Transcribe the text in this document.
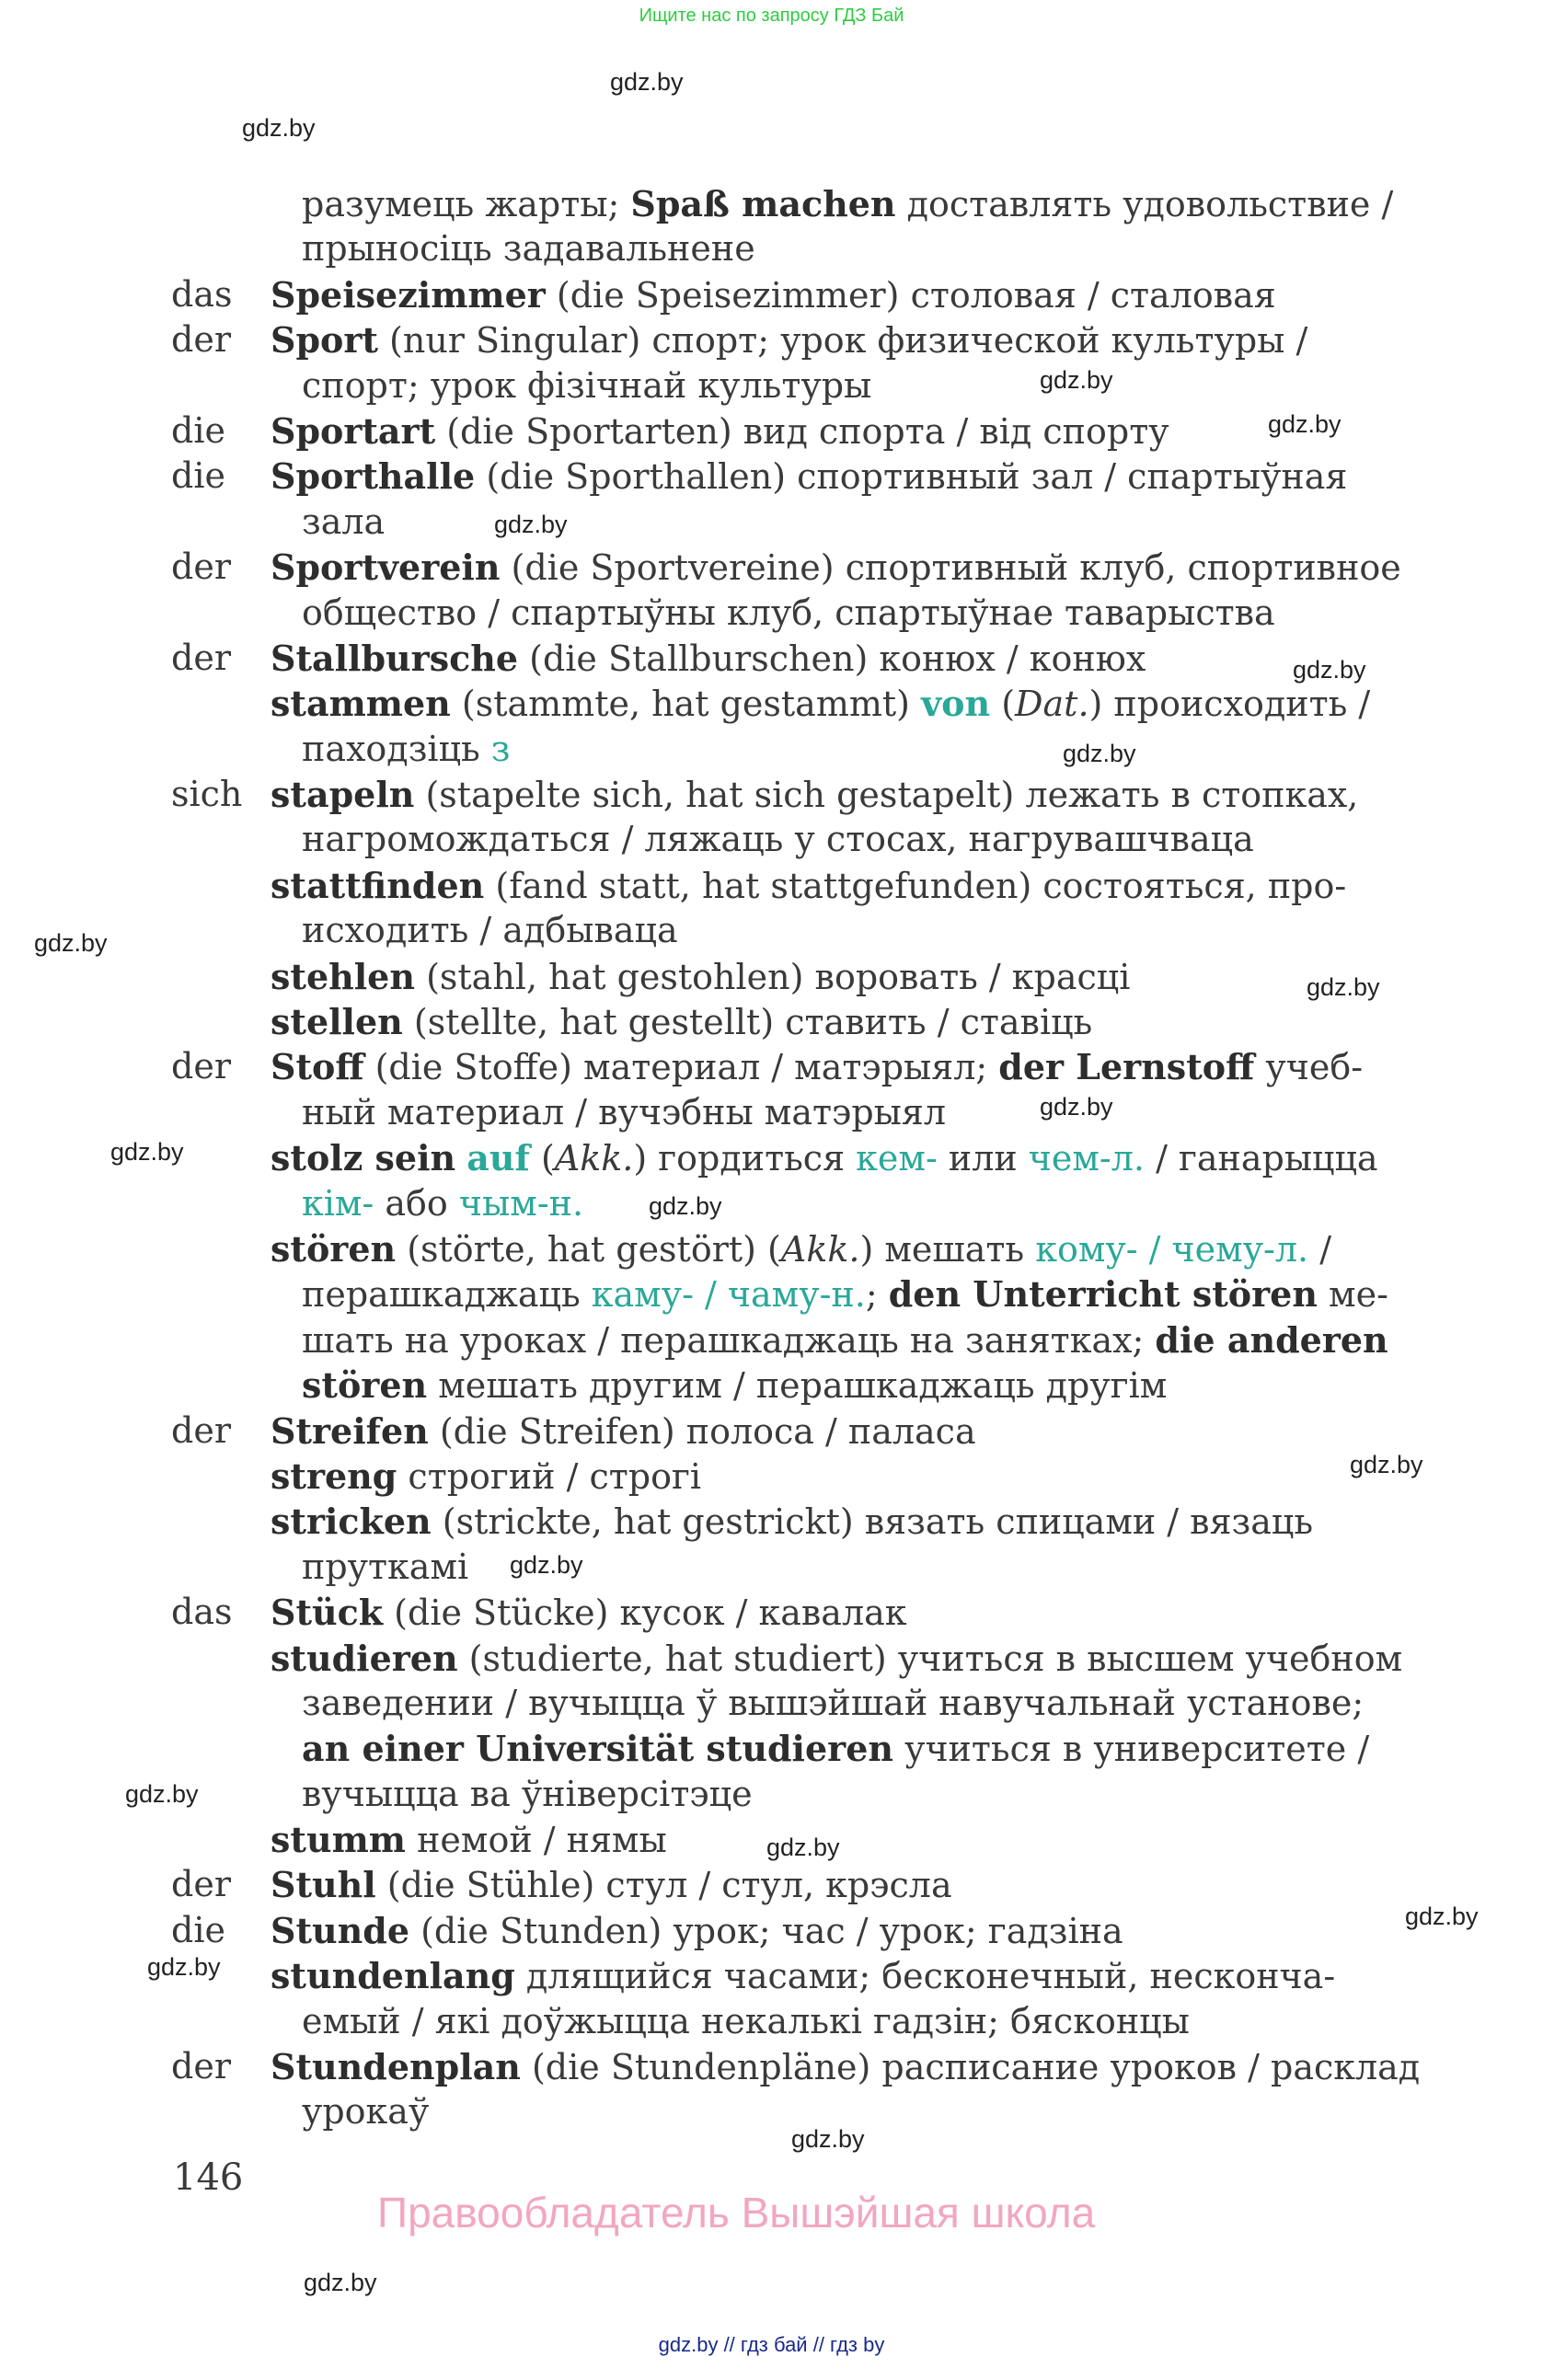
Ищите нас по запросу ГДЗ Бай
gdz.by
gdz.by
gdz.by
gdz.by
gdz.by
gdz.by
gdz.by
gdz.by
gdz.by
gdz.by
gdz.by
gdz.by
gdz.by
gdz.by
gdz.by
gdz.by
gdz.by
gdz.by
gdz.by
gdz.by
разумець жарты; Spaß machen доставлять удовольствие /
прыносіць задавальнене
das Speisezimmer (die Speisezimmer) столовая / сталовая
der Sport (nur Singular) спорт; урок физической культуры /
спорт; урок фізічнай культуры
die Sportart (die Sportarten) вид спорта / від спорту
die Sporthalle (die Sporthallen) спортивный зал / спартыўная
зала
der Sportverein (die Sportvereine) спортивный клуб, спортивное
общество / спартыўны клуб, спартыўнае таварыства
der Stallbursche (die Stallburschen) конюх / конюх
stammen (stammte, hat gestammt) von (Dat.) происходить /
паходзіць з
sich stapeln (stapelte sich, hat sich gestapelt) лежать в стопках,
нагромождаться / ляжаць у стосах, нагрувашчваца
stattfinden (fand statt, hat stattgefunden) состояться, про-
исходить / адбываца
stehlen (stahl, hat gestohlen) воровать / красці
stellen (stellte, hat gestellt) ставить / ставіць
der Stoff (die Stoffe) материал / матэрыял; der Lernstoff учеб-
ный материал / вучэбны матэрыял
stolz sein auf (Akk.) гордиться кем- или чем-л. / ганарыцца
кім- або чым-н.
stören (störte, hat gestört) (Akk.) мешать кому- / чему-л. /
перашкаджаць каму- / чаму-н.; den Unterricht stören ме-
шать на уроках / перашкаджаць на занятках; die anderen
stören мешать другим / перашкаджаць другім
der Streifen (die Streifen) полоса / паласа
streng строгий / строгі
stricken (strickte, hat gestrickt) вязать спицами / вязаць
пруткамі
das Stück (die Stücke) кусок / кавалак
studieren (studierte, hat studiert) учиться в высшем учебном
заведении / вучыцца ў вышэйшай навучальнай установе;
an einer Universität studieren учиться в университете /
вучыцца ва ўніверсітэце
stumm немой / нямы
der Stuhl (die Stühle) стул / стул, крэсла
die Stunde (die Stunden) урок; час / урок; гадзіна
stundenlang длящийся часами; бесконечный, несконча-
емый / якi доўжыцца некалькі гадзін; бясконцы
der Stundenplan (die Stundenpläne) расписание уроков / расклад
урокаў
146
Правообладатель Вышэйшая школа
gdz.by // гдз бай // гдз by
